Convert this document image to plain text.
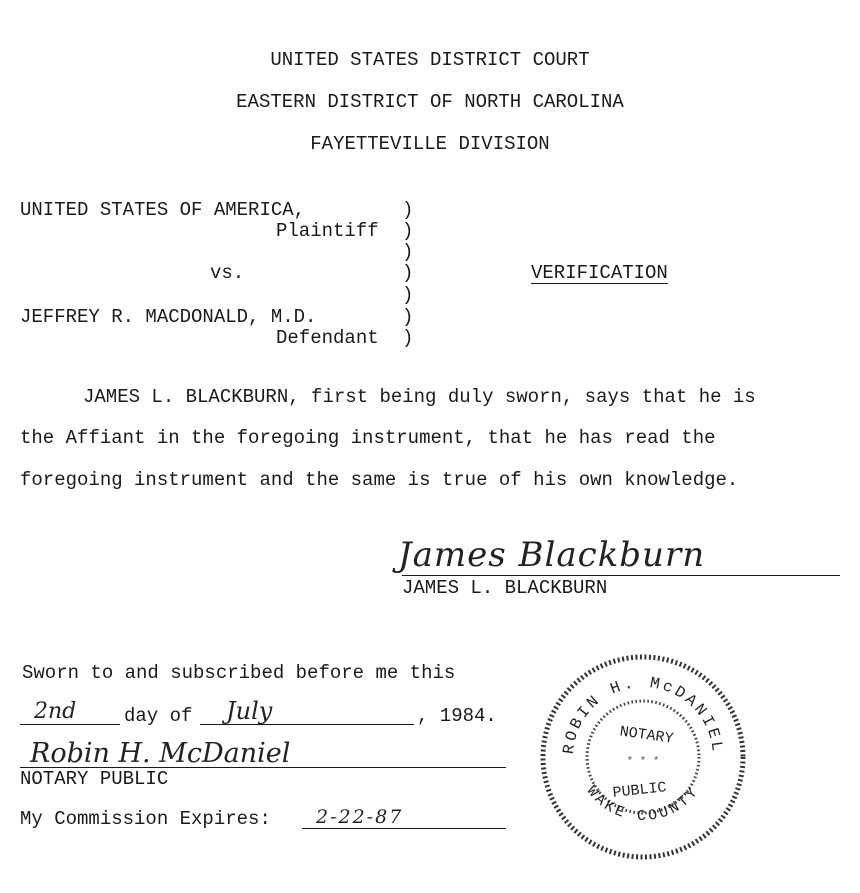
UNITED STATES DISTRICT COURT
EASTERN DISTRICT OF NORTH CAROLINA
FAYETTEVILLE DIVISION
UNITED STATES OF AMERICA,
Plaintiff
vs.
JEFFREY R. MACDONALD, M.D.
Defendant
)
)
)
)
)
)
)
VERIFICATION
JAMES L. BLACKBURN, first being duly sworn, says that he is
the Affiant in the foregoing instrument, that he has read the
foregoing instrument and the same is true of his own knowledge.
James Blackburn
JAMES L. BLACKBURN
Sworn to and subscribed before me this
2nd	day of July	, 1984.
Robin H. McDaniel
NOTARY PUBLIC
My Commission Expires: 2-22-87
ROBIN H. McDANIEL
WAKE COUNTY
NOTARY
* * *
PUBLIC
